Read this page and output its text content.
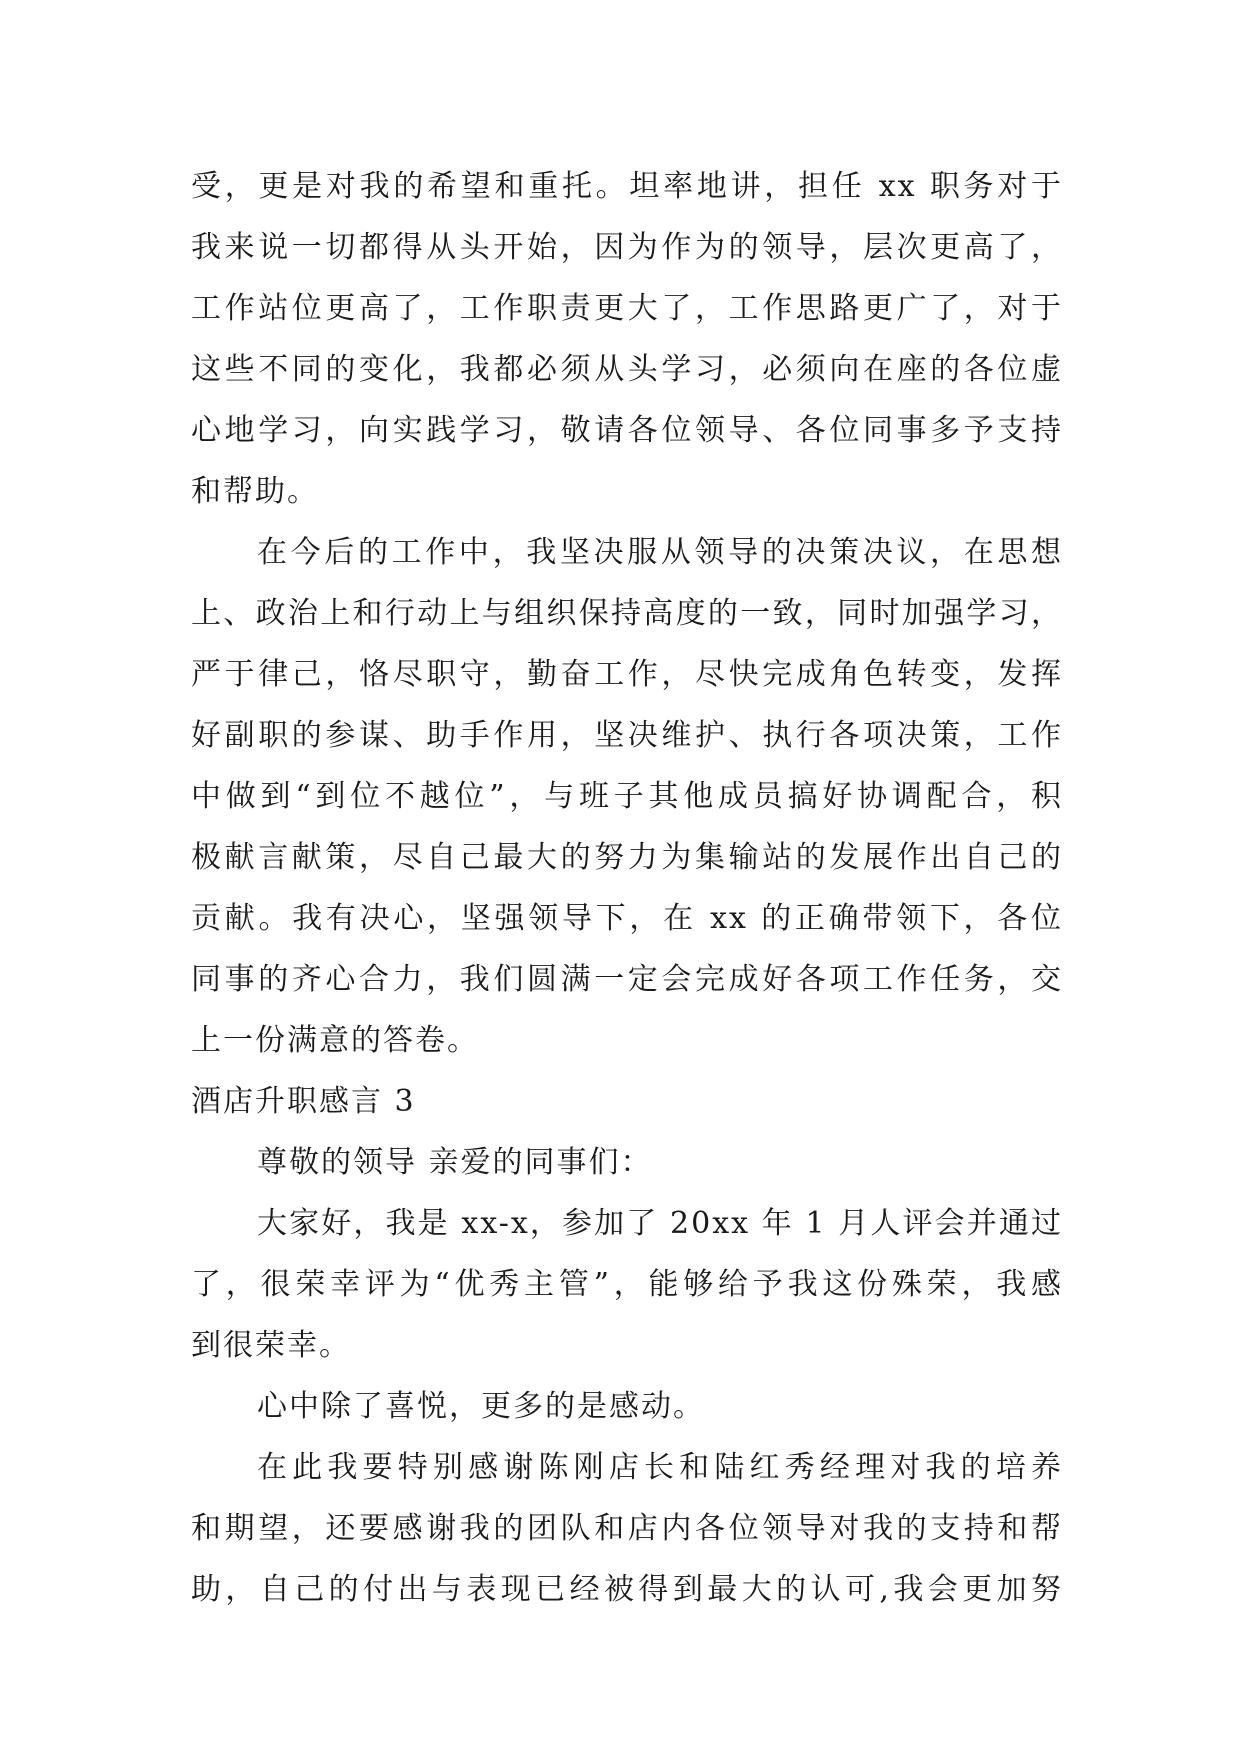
受，更是对我的希望和重托。坦率地讲，担任 xx 职务对于
我来说一切都得从头开始，因为作为的领导，层次更高了，
工作站位更高了，工作职责更大了，工作思路更广了，对于
这些不同的变化，我都必须从头学习，必须向在座的各位虚
心地学习，向实践学习，敬请各位领导、各位同事多予支持
和帮助。
在今后的工作中，我坚决服从领导的决策决议，在思想
上、政治上和行动上与组织保持高度的一致，同时加强学习，
严于律己，恪尽职守，勤奋工作，尽快完成角色转变，发挥
好副职的参谋、助手作用，坚决维护、执行各项决策，工作
中做到“到位不越位”，与班子其他成员搞好协调配合，积
极献言献策，尽自己最大的努力为集输站的发展作出自己的
贡献。我有决心，坚强领导下，在 xx 的正确带领下，各位
同事的齐心合力，我们圆满一定会完成好各项工作任务，交
上一份满意的答卷。
酒店升职感言 3
尊敬的领导 亲爱的同事们：
大家好，我是 xx-x，参加了 20xx 年 1 月人评会并通过
了，很荣幸评为“优秀主管”，能够给予我这份殊荣，我感
到很荣幸。
心中除了喜悦，更多的是感动。
在此我要特别感谢陈刚店长和陆红秀经理对我的培养
和期望，还要感谢我的团队和店内各位领导对我的支持和帮
助，自己的付出与表现已经被得到最大的认可,我会更加努
